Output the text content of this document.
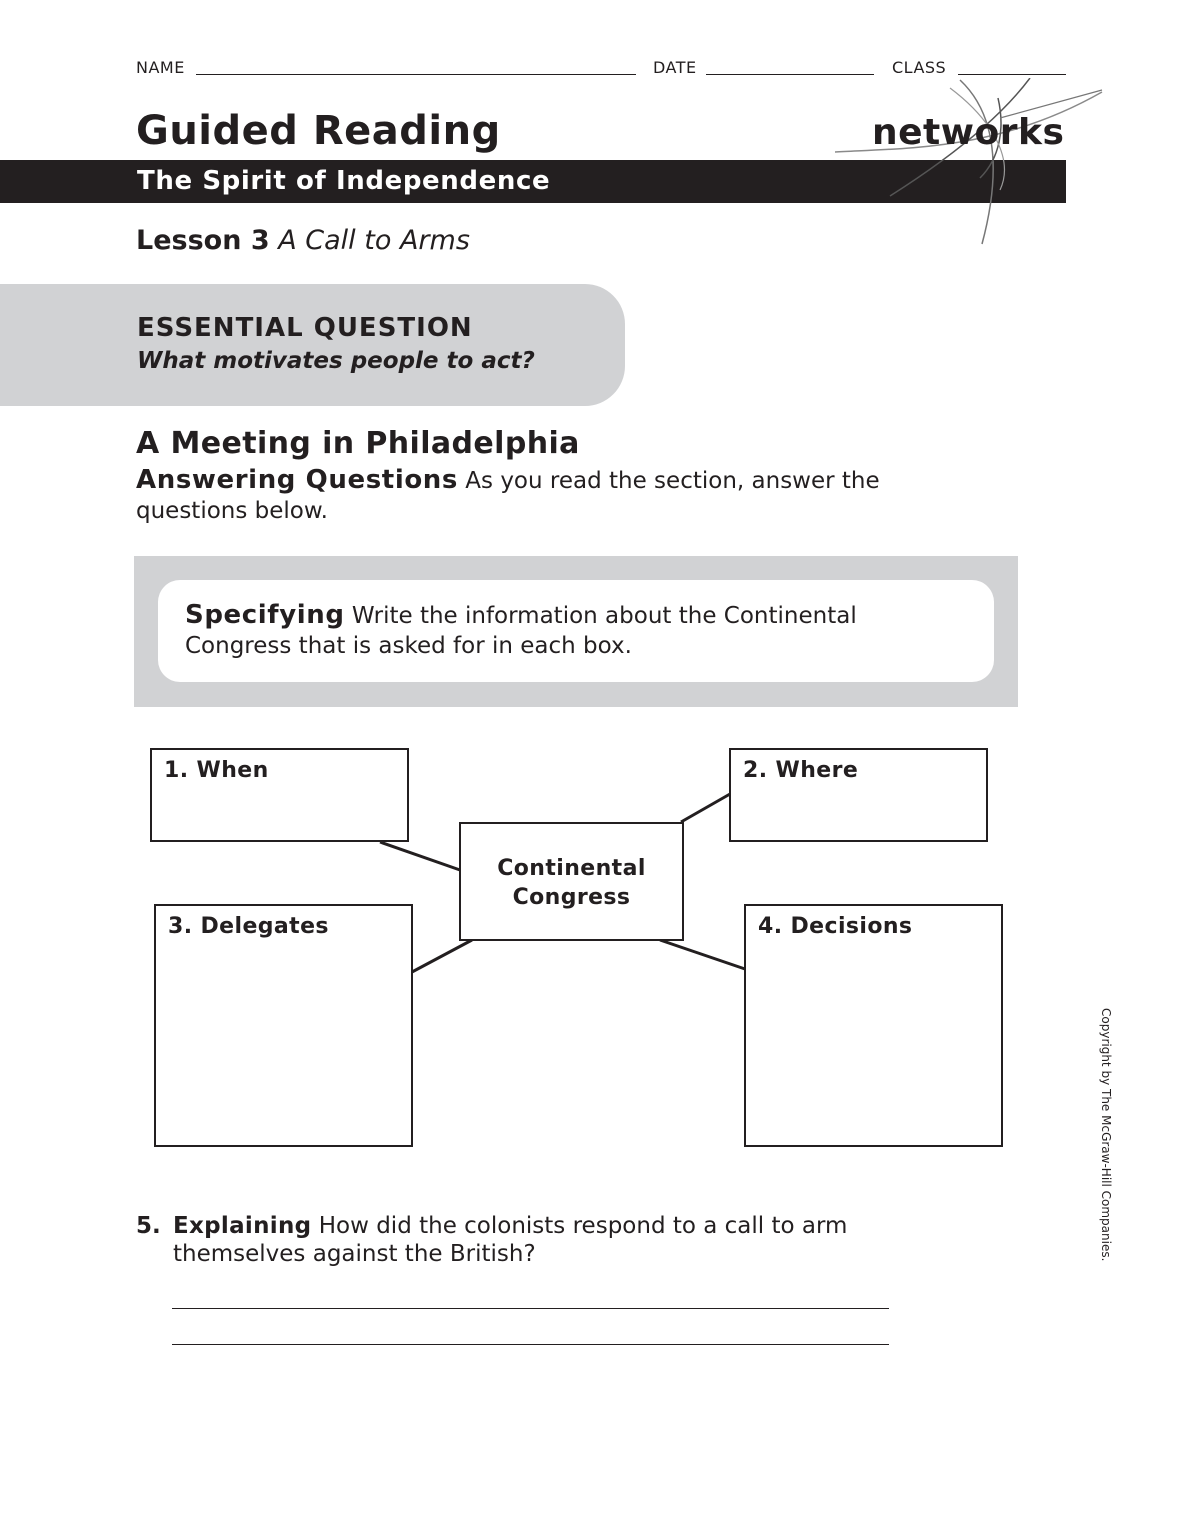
NAME	DATE	CLASS
Guided Reading
The Spirit of Independence
networks
Lesson 3 A Call to Arms
ESSENTIAL QUESTION
What motivates people to act?
A Meeting in Philadelphia
Answering Questions As you read the section, answer the questions below.
Specifying Write the information about the Continental Congress that is asked for in each box.
1. When	2. Where
3. Delegates	4. Decisions
Continental
Congress
5. Explaining How did the colonists respond to a call to arm themselves against the British?	Copyright by The McGraw-Hill Companies.
